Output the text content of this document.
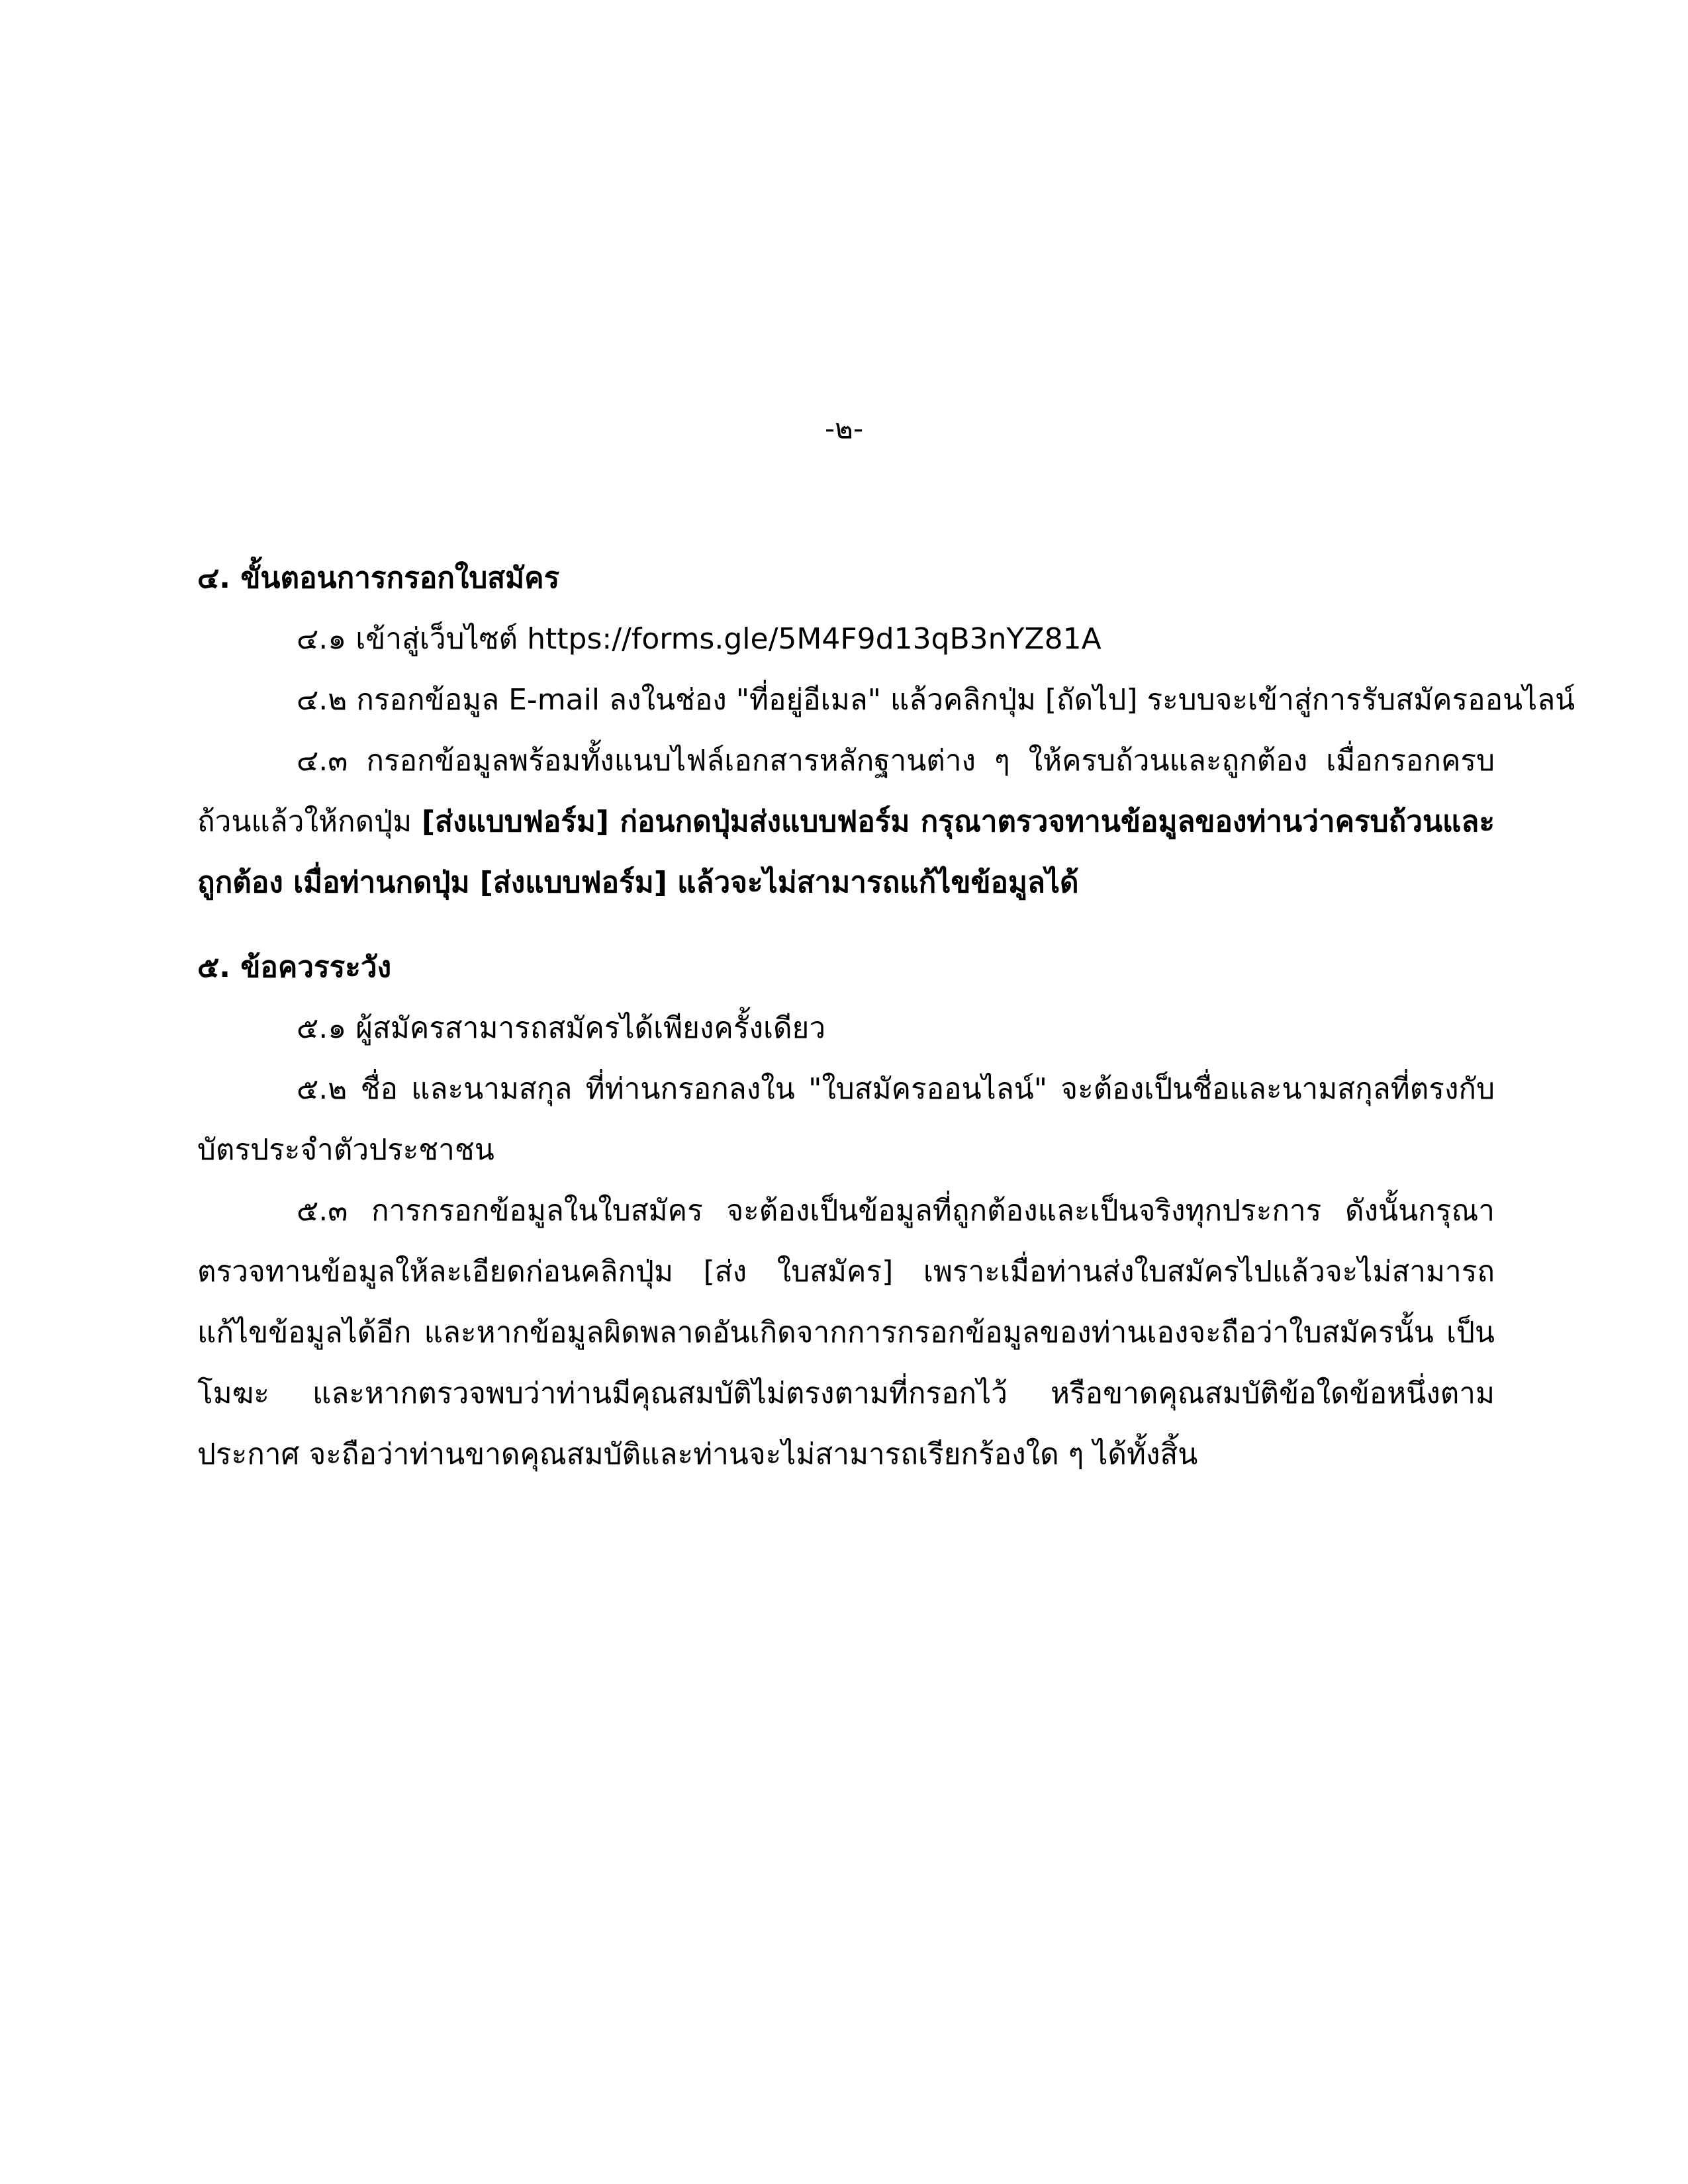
-๒-

๔. ขั้นตอนการกรอกใบสมัคร

๔.๑ เข้าสู่เว็บไซต์ https://forms.gle/5M4F9d13qB3nYZ81A

๔.๒ กรอกข้อมูล E-mail ลงในช่อง "ที่อยู่อีเมล" แล้วคลิกปุ่ม [ถัดไป] ระบบจะเข้าสู่การรับสมัครออนไลน์

๔.๓ กรอกข้อมูลพร้อมทั้งแนบไฟล์เอกสารหลักฐานต่าง ๆ ให้ครบถ้วนและถูกต้อง เมื่อกรอกครบถ้วนแล้วให้กดปุ่ม [ส่งแบบฟอร์ม] ก่อนกดปุ่มส่งแบบฟอร์ม กรุณาตรวจทานข้อมูลของท่านว่าครบถ้วนและถูกต้อง เมื่อท่านกดปุ่ม [ส่งแบบฟอร์ม] แล้วจะไม่สามารถแก้ไขข้อมูลได้

๕. ข้อควรระวัง

๕.๑ ผู้สมัครสามารถสมัครได้เพียงครั้งเดียว

๕.๒ ชื่อ และนามสกุล ที่ท่านกรอกลงใน "ใบสมัครออนไลน์" จะต้องเป็นชื่อและนามสกุลที่ตรงกับบัตรประจำตัวประชาชน

๕.๓ การกรอกข้อมูลในใบสมัคร จะต้องเป็นข้อมูลที่ถูกต้องและเป็นจริงทุกประการ ดังนั้นกรุณาตรวจทานข้อมูลให้ละเอียดก่อนคลิกปุ่ม [ส่ง ใบสมัคร] เพราะเมื่อท่านส่งใบสมัครไปแล้วจะไม่สามารถแก้ไขข้อมูลได้อีก และหากข้อมูลผิดพลาดอันเกิดจากการกรอกข้อมูลของท่านเองจะถือว่าใบสมัครนั้น เป็นโมฆะ และหากตรวจพบว่าท่านมีคุณสมบัติไม่ตรงตามที่กรอกไว้ หรือขาดคุณสมบัติข้อใดข้อหนึ่งตามประกาศ จะถือว่าท่านขาดคุณสมบัติและท่านจะไม่สามารถเรียกร้องใด ๆ ได้ทั้งสิ้น
